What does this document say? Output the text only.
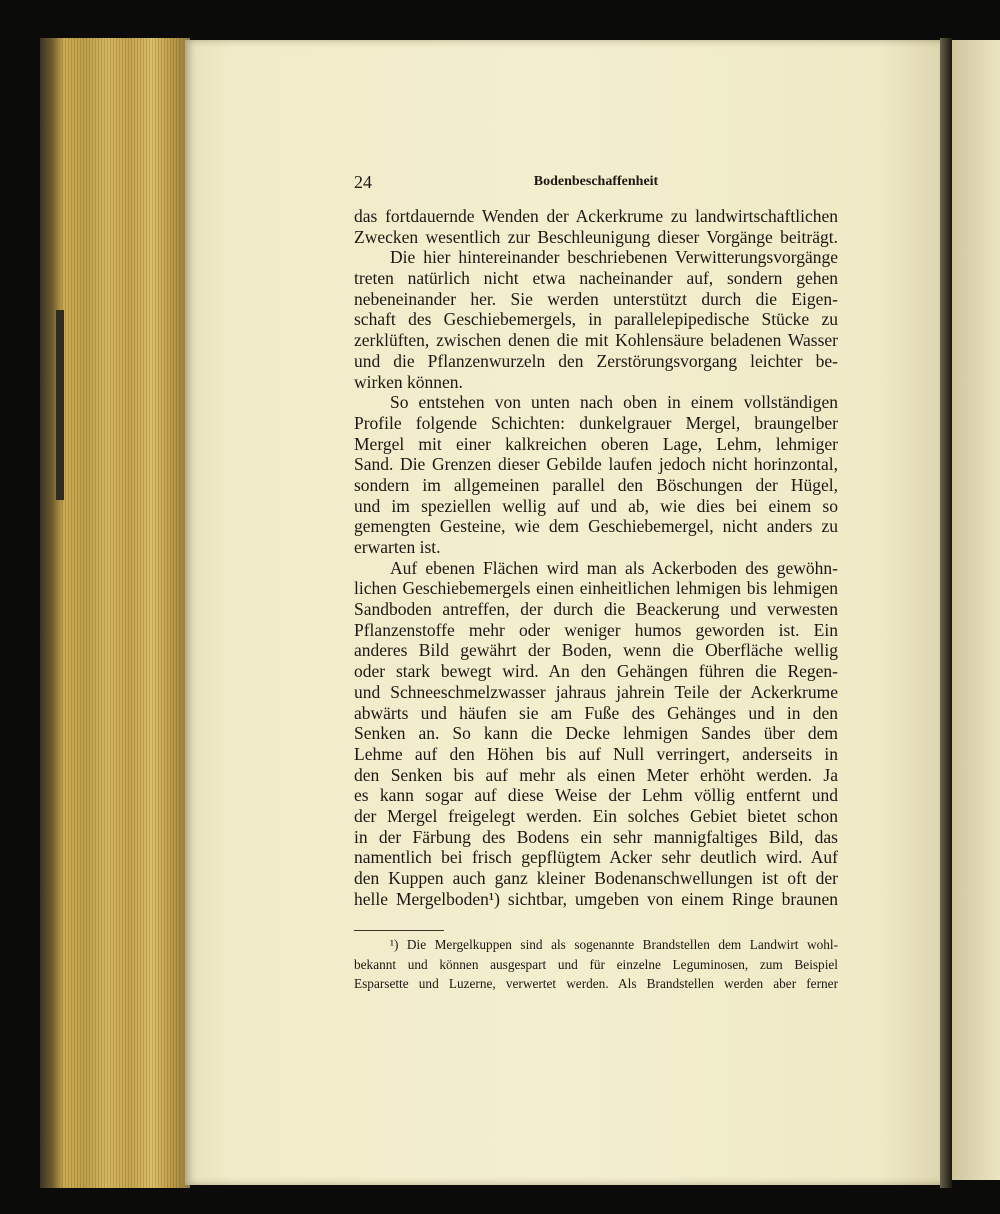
24	Bodenbeschaffenheit
das fortdauernde Wenden der Ackerkrume zu landwirtschaftlichen
Zwecken wesentlich zur Beschleunigung dieser Vorgänge beiträgt.
Die hier hintereinander beschriebenen Verwitterungsvorgänge
treten natürlich nicht etwa nacheinander auf, sondern gehen
nebeneinander her. Sie werden unterstützt durch die Eigen-
schaft des Geschiebemergels, in parallelepipedische Stücke zu
zerklüften, zwischen denen die mit Kohlensäure beladenen Wasser
und die Pflanzenwurzeln den Zerstörungsvorgang leichter be-
wirken können.
So entstehen von unten nach oben in einem vollständigen
Profile folgende Schichten: dunkelgrauer Mergel, braungelber
Mergel mit einer kalkreichen oberen Lage, Lehm, lehmiger
Sand. Die Grenzen dieser Gebilde laufen jedoch nicht horinzontal,
sondern im allgemeinen parallel den Böschungen der Hügel,
und im speziellen wellig auf und ab, wie dies bei einem so
gemengten Gesteine, wie dem Geschiebemergel, nicht anders zu
erwarten ist.
Auf ebenen Flächen wird man als Ackerboden des gewöhn-
lichen Geschiebemergels einen einheitlichen lehmigen bis lehmigen
Sandboden antreffen, der durch die Beackerung und verwesten
Pflanzenstoffe mehr oder weniger humos geworden ist. Ein
anderes Bild gewährt der Boden, wenn die Oberfläche wellig
oder stark bewegt wird. An den Gehängen führen die Regen-
und Schneeschmelzwasser jahraus jahrein Teile der Ackerkrume
abwärts und häufen sie am Fuße des Gehänges und in den
Senken an. So kann die Decke lehmigen Sandes über dem
Lehme auf den Höhen bis auf Null verringert, anderseits in
den Senken bis auf mehr als einen Meter erhöht werden. Ja
es kann sogar auf diese Weise der Lehm völlig entfernt und
der Mergel freigelegt werden. Ein solches Gebiet bietet schon
in der Färbung des Bodens ein sehr mannigfaltiges Bild, das
namentlich bei frisch gepflügtem Acker sehr deutlich wird. Auf
den Kuppen auch ganz kleiner Bodenanschwellungen ist oft der
helle Mergelboden¹) sichtbar, umgeben von einem Ringe braunen
¹) Die Mergelkuppen sind als sogenannte Brandstellen dem Landwirt wohl-
bekannt und können ausgespart und für einzelne Leguminosen, zum Beispiel
Esparsette und Luzerne, verwertet werden. Als Brandstellen werden aber ferner
